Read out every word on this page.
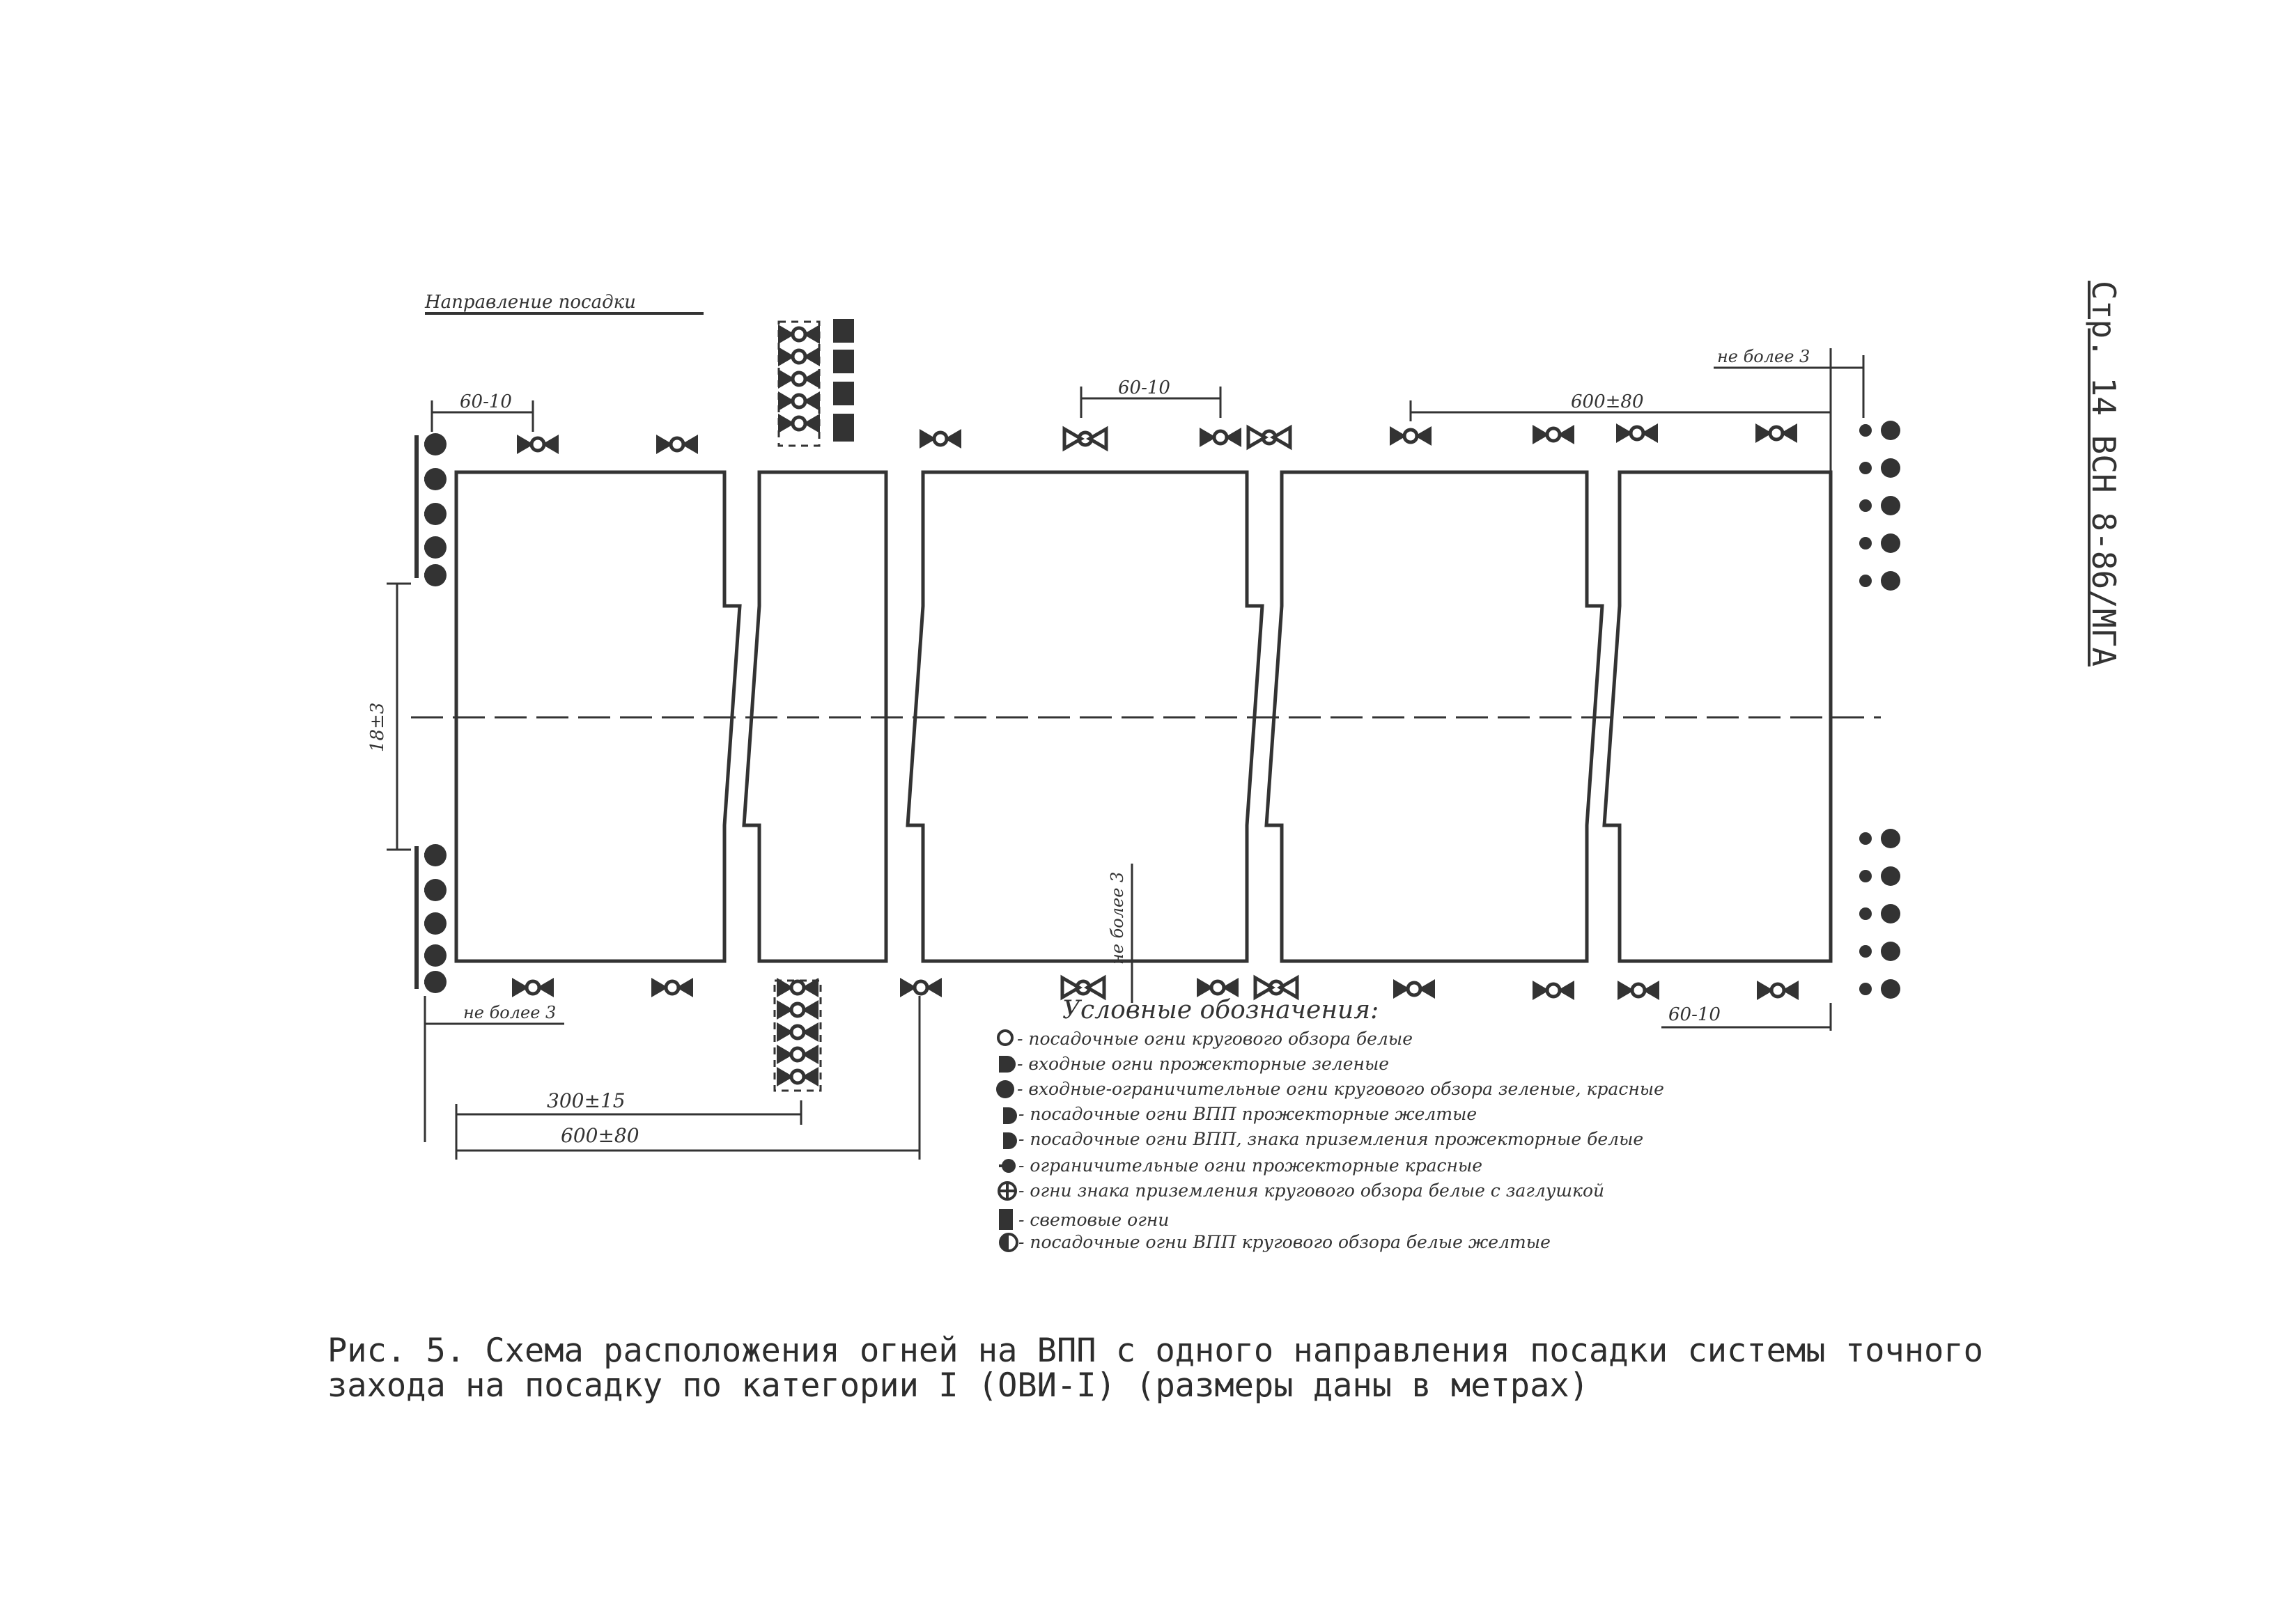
Направление посадки
60-10
60-10
600±80
не более 3
18±3
не более 3
не более 3	60-10
300±15
600±80
Условные обозначения:
- посадочные огни кругового обзора белые
- входные огни прожекторные зеленые
- входные-ограничительные огни кругового обзора зеленые, красные
- посадочные огни ВПП прожекторные желтые
- посадочные огни ВПП, знака приземления прожекторные белые
- ограничительные огни прожекторные красные
- огни знака приземления кругового обзора белые с заглушкой
- световые огни
- посадочные огни ВПП кругового обзора белые желтые
Стр. 14 ВСН 8-86/МГА
Рис. 5. Схема расположения огней на ВПП с одного направления посадки системы точного
захода на посадку по категории I (ОВИ-I) (размеры даны в метрах)
